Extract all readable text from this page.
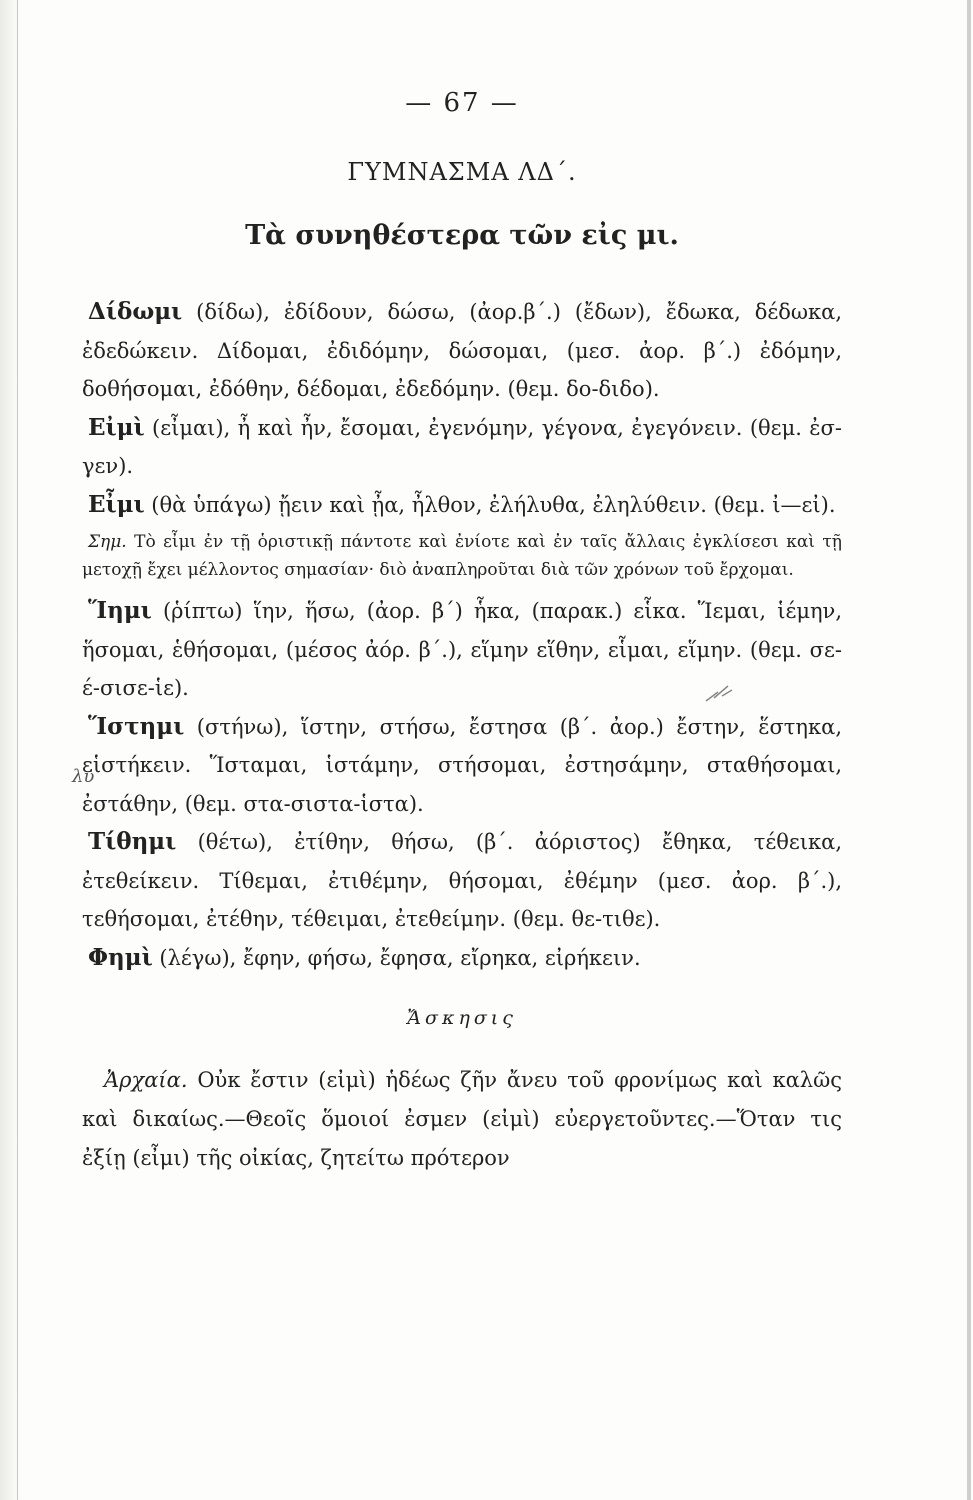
λυ
— 67 —
ΓΥΜΝΑΣΜΑ ΛΔ΄.
Τὰ συνηθέστερα τῶν εἰς μι.

Δίδωμι (δίδω), ἐδίδουν, δώσω, (ἀορ.β΄.) (ἔδων), ἔδωκα, δέδωκα, ἐδεδώκειν. Δίδομαι, ἐδιδόμην, δώσομαι, (μεσ. ἀορ. β΄.) ἐδόμην, δοθήσομαι, ἐδόθην, δέδομαι, ἐδεδόμην. (θεμ. δο-διδο).

Εἰμὶ (εἶμαι), ἦ καὶ ἦν, ἔσομαι, ἐγενόμην, γέγονα, ἐγεγόνειν. (θεμ. ἐσ-γεν).

Εἶμι (θὰ ὑπάγω) ᾔειν καὶ ᾖα, ἦλθον, ἐλήλυθα, ἐληλύθειν. (θεμ. ἰ—εἰ).

Σημ. Τὸ εἶμι ἐν τῇ ὁριστικῇ πάντοτε καὶ ἐνίοτε καὶ ἐν ταῖς ἄλλαις ἐγκλίσεσι καὶ τῇ μετοχῇ ἔχει μέλλοντος σημασίαν· διὸ ἀναπληροῦται διὰ τῶν χρόνων τοῦ ἔρχομαι.

Ἵημι (ῥίπτω) ἵην, ἥσω, (ἀορ. β΄) ἧκα, (παρακ.) εἷκα. Ἵεμαι, ἱέμην, ἥσομαι, ἑθήσομαι, (μέσος ἀόρ. β΄.), εἵμην εἵθην, εἷμαι, εἵμην. (θεμ. σε-έ-σισε-ἱε).

Ἵστημι (στήνω), ἵστην, στήσω, ἔστησα (β΄. ἀορ.) ἔστην, ἕστηκα, εἱστήκειν. Ἵσταμαι, ἱστάμην, στήσομαι, ἐστησάμην, σταθήσομαι, ἐστάθην, (θεμ. στα-σιστα-ἱστα).

Τίθημι (θέτω), ἐτίθην, θήσω, (β΄. ἀόριστος) ἔθηκα, τέθεικα, ἐτεθείκειν. Τίθεμαι, ἐτιθέμην, θήσομαι, ἐθέμην (μεσ. ἀορ. β΄.), τεθήσομαι, ἐτέθην, τέθειμαι, ἐτεθείμην. (θεμ. θε-τιθε).

Φημὶ (λέγω), ἔφην, φήσω, ἔφησα, εἴρηκα, εἰρήκειν.

Ἄσκησις

Ἀρχαία. Οὐκ ἔστιν (εἰμὶ) ἡδέως ζῆν ἄνευ τοῦ φρονίμως καὶ καλῶς καὶ δικαίως.—Θεοῖς ὅμοιοί ἐσμεν (εἰμὶ) εὐεργετοῦντες.—Ὅταν τις ἐξίῃ (εἶμι) τῆς οἰκίας, ζητείτω πρότερον
